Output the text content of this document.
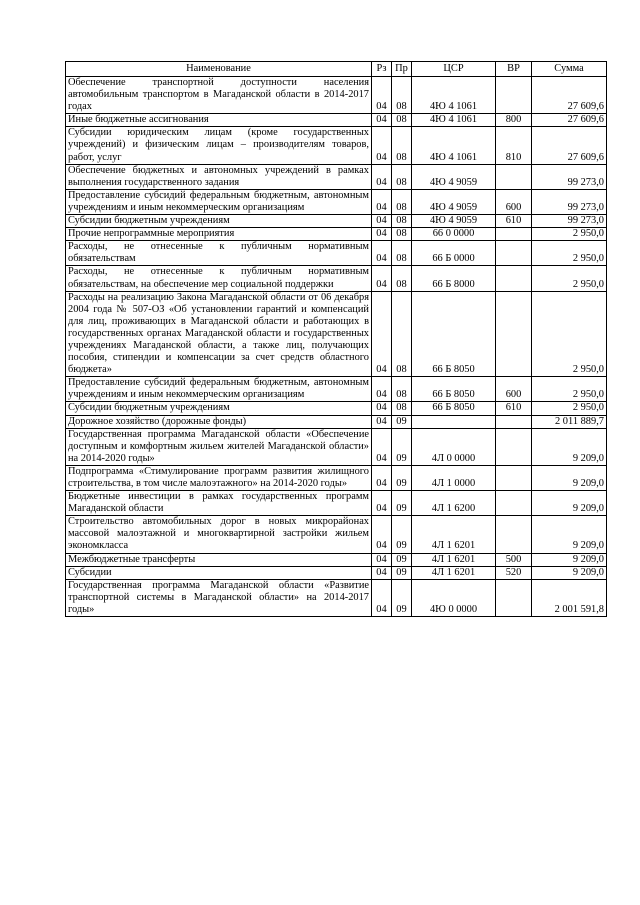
Наименование	Рз	Пр	ЦСР	ВР	Сумма
Обеспечение транспортной доступности населения автомобильным транспортом в Магаданской области в 2014-2017 годах	04	08	4Ю 4 1061		27 609,6
Иные бюджетные ассигнования	04	08	4Ю 4 1061	800	27 609,6
Субсидии юридическим лицам (кроме государственных учреждений) и физическим лицам – производителям товаров, работ, услуг	04	08	4Ю 4 1061	810	27 609,6
Обеспечение бюджетных и автономных учреждений в рамках выполнения государственного задания	04	08	4Ю 4 9059		99 273,0
Предоставление субсидий федеральным бюджетным, автономным учреждениям и иным некоммерческим организациям	04	08	4Ю 4 9059	600	99 273,0
Субсидии бюджетным учреждениям	04	08	4Ю 4 9059	610	99 273,0
Прочие непрограммные мероприятия	04	08	66 0 0000		2 950,0
Расходы, не отнесенные к публичным нормативным обязательствам	04	08	66 Б 0000		2 950,0
Расходы, не отнесенные к публичным нормативным обязательствам, на обеспечение мер социальной поддержки	04	08	66 Б 8000		2 950,0
Расходы на реализацию Закона Магаданской области от 06 декабря 2004 года № 507-ОЗ «Об установлении гарантий и компенсаций для лиц, проживающих в Магаданской области и работающих в государственных органах Магаданской области и государственных учреждениях Магаданской области, а также лиц, получающих пособия, стипендии и компенсации за счет средств областного бюджета»	04	08	66 Б 8050		2 950,0
Предоставление субсидий федеральным бюджетным, автономным учреждениям и иным некоммерческим организациям	04	08	66 Б 8050	600	2 950,0
Субсидии бюджетным учреждениям	04	08	66 Б 8050	610	2 950,0
Дорожное хозяйство (дорожные фонды)	04	09			2 011 889,7
Государственная программа Магаданской области «Обеспечение доступным и комфортным жильем жителей Магаданской области» на 2014-2020 годы»	04	09	4Л 0 0000		9 209,0
Подпрограмма «Стимулирование программ развития жилищного строительства, в том числе малоэтажного» на 2014-2020 годы»	04	09	4Л 1 0000		9 209,0
Бюджетные инвестиции в рамках государственных программ Магаданской области	04	09	4Л 1 6200		9 209,0
Строительство автомобильных дорог в новых микрорайонах массовой малоэтажной и многоквартирной застройки жильем экономкласса	04	09	4Л 1 6201		9 209,0
Межбюджетные трансферты	04	09	4Л 1 6201	500	9 209,0
Субсидии	04	09	4Л 1 6201	520	9 209,0
Государственная программа Магаданской области «Развитие транспортной системы в Магаданской области» на 2014-2017 годы»	04	09	4Ю 0 0000		2 001 591,8
